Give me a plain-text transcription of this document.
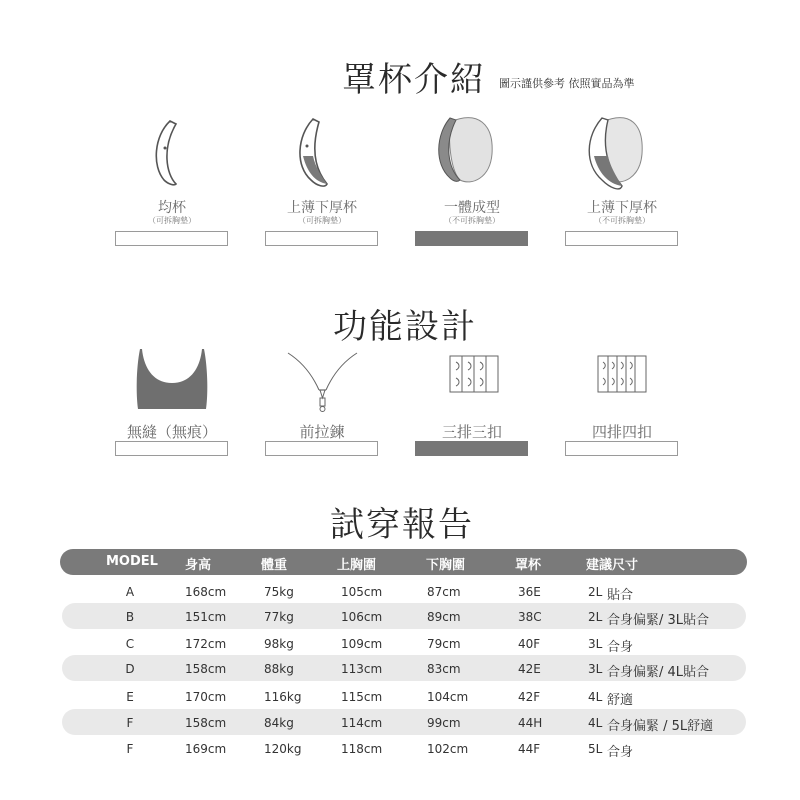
罩杯介紹 圖示謹供參考 依照實品為準
均杯
（可拆胸墊）
上薄下厚杯
（可拆胸墊）
一體成型
（不可拆胸墊）
上薄下厚杯
（不可拆胸墊）
功能設計
無縫（無痕）	前拉鍊	三排三扣	四排四扣
試穿報告
MODEL 身高	體重	上胸圍	下胸圍	罩杯	建議尺寸
A	168cm	75kg	105cm	87cm	36E	2L 貼合
B	151cm	77kg	106cm	89cm	38C	2L 合身偏緊/ 3L貼合
C	172cm	98kg	109cm	79cm	40F	3L 合身
D	158cm	88kg	113cm	83cm	42E	3L 合身偏緊/ 4L貼合
E	170cm	116kg	115cm	104cm	42F	4L 舒適
F	158cm	84kg	114cm	99cm	44H	4L 合身偏緊 / 5L舒適
F	169cm	120kg	118cm	102cm	44F	5L 合身
